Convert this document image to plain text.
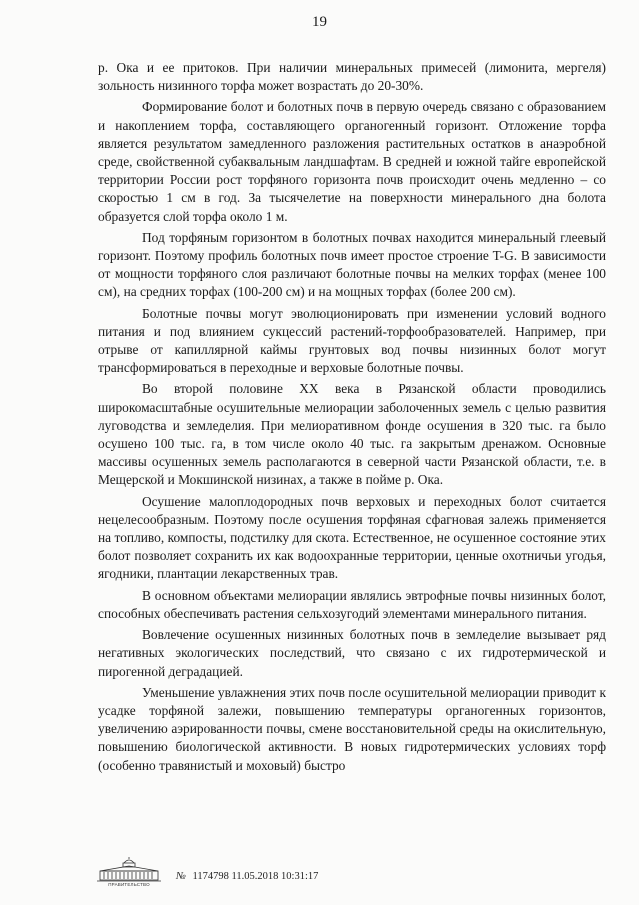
19

р. Ока и ее притоков. При наличии минеральных примесей (лимонита, мергеля) зольность низинного торфа может возрастать до 20-30%.

Формирование болот и болотных почв в первую очередь связано с образованием и накоплением торфа, составляющего органогенный горизонт. Отложение торфа является результатом замедленного разложения растительных остатков в анаэробной среде, свойственной субаквальным ландшафтам. В средней и южной тайге европейской территории России рост торфяного горизонта почв происходит очень медленно – со скоростью 1 см в год. За тысячелетие на поверхности минерального дна болота образуется слой торфа около 1 м.

Под торфяным горизонтом в болотных почвах находится минеральный глеевый горизонт. Поэтому профиль болотных почв имеет простое строение T-G. В зависимости от мощности торфяного слоя различают болотные почвы на мелких торфах (менее 100 см), на средних торфах (100-200 см) и на мощных торфах (более 200 см).

Болотные почвы могут эволюционировать при изменении условий водного питания и под влиянием сукцессий растений-торфообразователей. Например, при отрыве от капиллярной каймы грунтовых вод почвы низинных болот могут трансформироваться в переходные и верховые болотные почвы.

Во второй половине XX века в Рязанской области проводились широкомасштабные осушительные мелиорации заболоченных земель с целью развития луговодства и земледелия. При мелиоративном фонде осушения в 320 тыс. га было осушено 100 тыс. га, в том числе около 40 тыс. га закрытым дренажом. Основные массивы осушенных земель располагаются в северной части Рязанской области, т.е. в Мещерской и Мокшинской низинах, а также в пойме р. Ока.

Осушение малоплодородных почв верховых и переходных болот считается нецелесообразным. Поэтому после осушения торфяная сфагновая залежь применяется на топливо, компосты, подстилку для скота. Естественное, не осушенное состояние этих болот позволяет сохранить их как водоохранные территории, ценные охотничьи угодья, ягодники, плантации лекарственных трав.

В основном объектами мелиорации являлись эвтрофные почвы низинных болот, способных обеспечивать растения сельхозугодий элементами минерального питания.

Вовлечение осушенных низинных болотных почв в земледелие вызывает ряд негативных экологических последствий, что связано с их гидротермической и пирогенной деградацией.

Уменьшение увлажнения этих почв после осушительной мелиорации приводит к усадке торфяной залежи, повышению температуры органогенных горизонтов, увеличению аэрированности почвы, смене восстановительной среды на окислительную, повышению биологической активности. В новых гидротермических условиях торф (особенно травянистый и моховый) быстро

ПРАВИТЕЛЬСТВО
№ 1174798 11.05.2018 10:31:17
